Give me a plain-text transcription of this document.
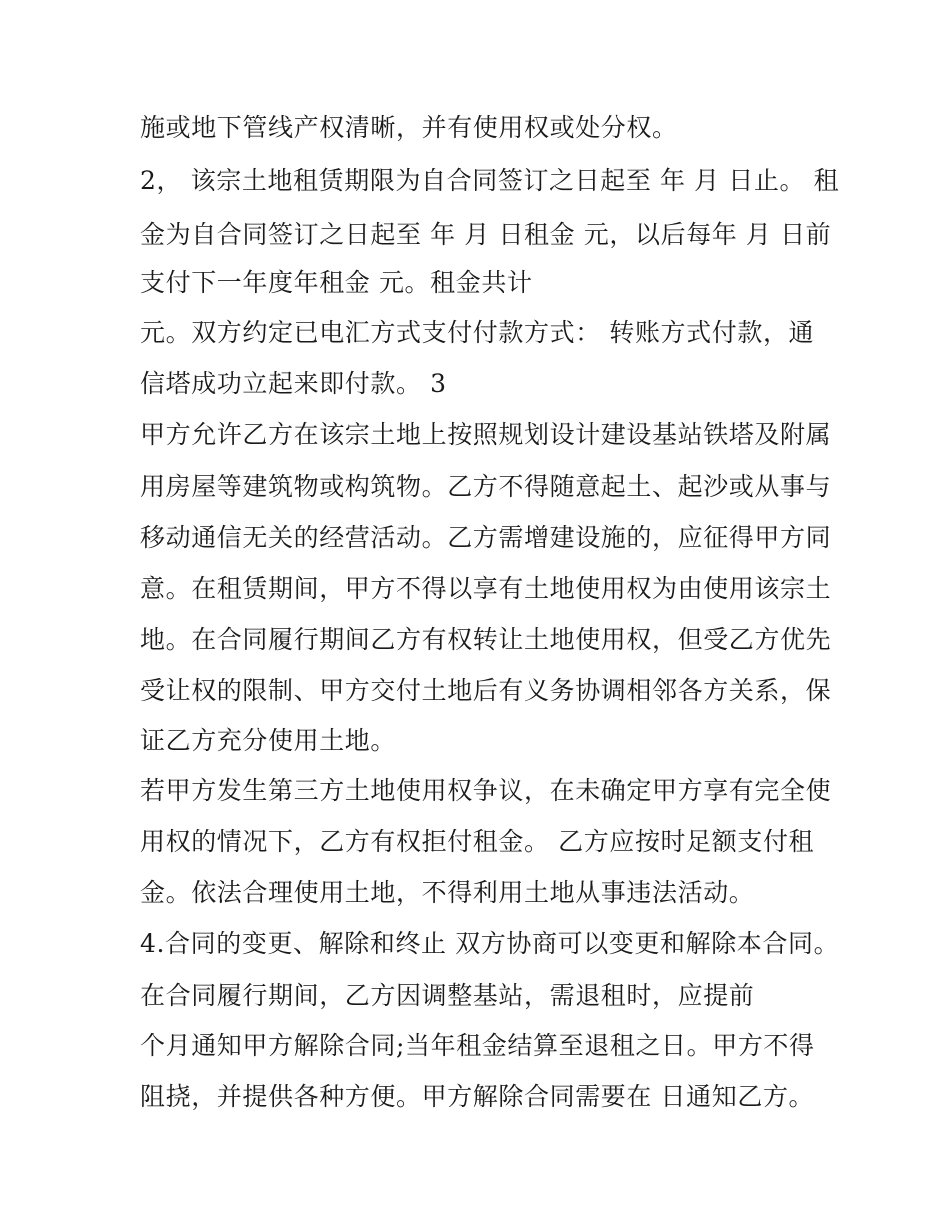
施或地下管线产权清晰，并有使用权或处分权。
2， 该宗土地租赁期限为自合同签订之日起至 年 月 日止。 租
金为自合同签订之日起至 年 月 日租金 元，以后每年 月 日前
支付下一年度年租金 元。租金共计
元。双方约定已电汇方式支付付款方式： 转账方式付款，通
信塔成功立起来即付款。 3
甲方允许乙方在该宗土地上按照规划设计建设基站铁塔及附属
用房屋等建筑物或构筑物。乙方不得随意起土、起沙或从事与
移动通信无关的经营活动。乙方需增建设施的，应征得甲方同
意。在租赁期间，甲方不得以享有土地使用权为由使用该宗土
地。在合同履行期间乙方有权转让土地使用权，但受乙方优先
受让权的限制、甲方交付土地后有义务协调相邻各方关系，保
证乙方充分使用土地。
若甲方发生第三方土地使用权争议，在未确定甲方享有完全使
用权的情况下，乙方有权拒付租金。 乙方应按时足额支付租
金。依法合理使用土地，不得利用土地从事违法活动。
4.合同的变更、解除和终止 双方协商可以变更和解除本合同。
在合同履行期间，乙方因调整基站，需退租时，应提前
个月通知甲方解除合同;当年租金结算至退租之日。甲方不得
阻挠，并提供各种方便。甲方解除合同需要在 日通知乙方。
